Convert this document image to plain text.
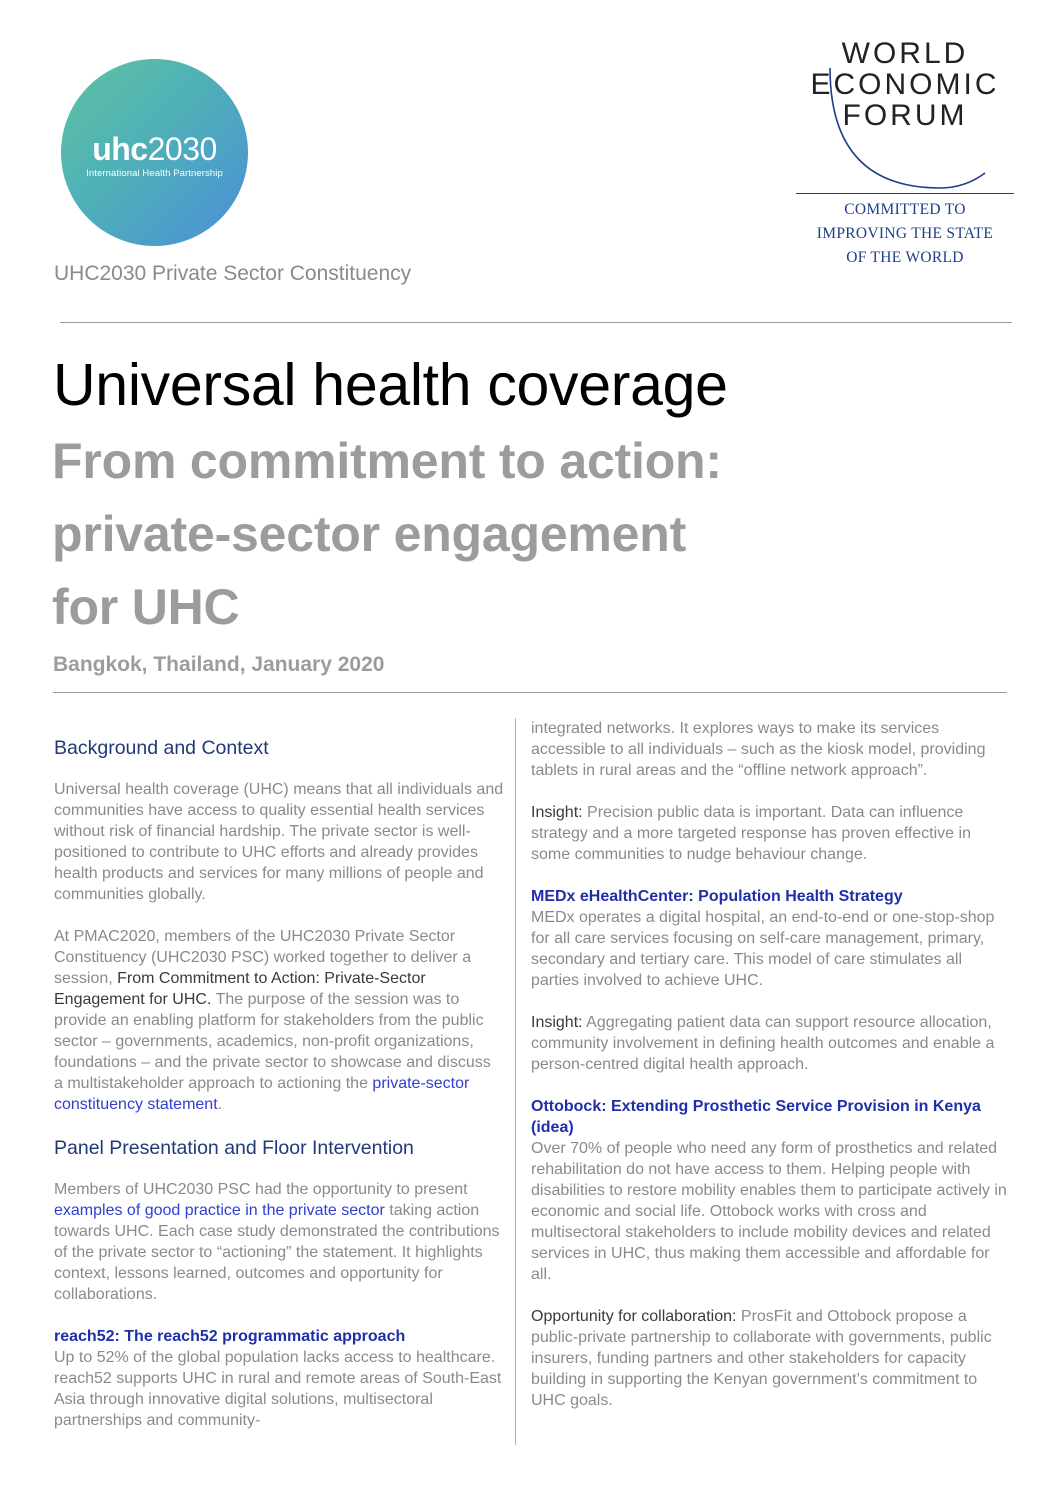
uhc2030
International Health Partnership
WORLD
ECONOMIC
FORUM
COMMITTED TO
IMPROVING THE STATE
OF THE WORLD
UHC2030 Private Sector Constituency
Universal health coverage
From commitment to action:
private-sector engagement
for UHC
Bangkok, Thailand, January 2020

Background and Context

Universal health coverage (UHC) means that all individuals and communities have access to quality essential health services without risk of financial hardship. The private sector is well-positioned to contribute to UHC efforts and already provides health products and services for many millions of people and communities globally.

At PMAC2020, members of the UHC2030 Private Sector Constituency (UHC2030 PSC) worked together to deliver a session, From Commitment to Action: Private-Sector Engagement for UHC. The purpose of the session was to provide an enabling platform for stakeholders from the public sector – governments, academics, non-profit organizations, foundations – and the private sector to showcase and discuss a multistakeholder approach to actioning the private-sector constituency statement.

Panel Presentation and Floor Intervention

Members of UHC2030 PSC had the opportunity to present examples of good practice in the private sector taking action towards UHC. Each case study demonstrated the contributions of the private sector to “actioning” the statement. It highlights context, lessons learned, outcomes and opportunity for collaborations.

reach52: The reach52 programmatic approach

Up to 52% of the global population lacks access to healthcare. reach52 supports UHC in rural and remote areas of South-East Asia through innovative digital solutions, multisectoral partnerships and community-

integrated networks. It explores ways to make its services accessible to all individuals – such as the kiosk model, providing tablets in rural areas and the “offline network approach”.

Insight: Precision public data is important. Data can influence strategy and a more targeted response has proven effective in some communities to nudge behaviour change.

MEDx eHealthCenter: Population Health Strategy

MEDx operates a digital hospital, an end-to-end or one-stop-shop for all care services focusing on self-care management, primary, secondary and tertiary care. This model of care stimulates all parties involved to achieve UHC.

Insight: Aggregating patient data can support resource allocation, community involvement in defining health outcomes and enable a person-centred digital health approach.

Ottobock: Extending Prosthetic Service Provision in Kenya (idea)

Over 70% of people who need any form of prosthetics and related rehabilitation do not have access to them. Helping people with disabilities to restore mobility enables them to participate actively in economic and social life. Ottobock works with cross and multisectoral stakeholders to include mobility devices and related services in UHC, thus making them accessible and affordable for all.

Opportunity for collaboration: ProsFit and Ottobock propose a public-private partnership to collaborate with governments, public insurers, funding partners and other stakeholders for capacity building in supporting the Kenyan government’s commitment to UHC goals.
